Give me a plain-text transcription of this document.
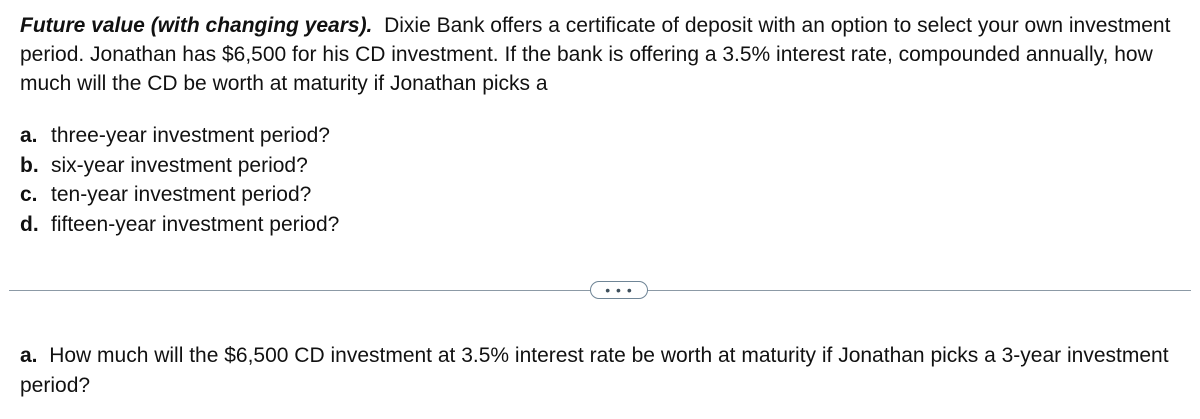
Future value (with changing years). Dixie Bank offers a certificate of deposit with an option to select your own investment period. Jonathan has $6,500 for his CD investment. If the bank is offering a 3.5% interest rate, compounded annually, how much will the CD be worth at maturity if Jonathan picks a
a. three-year investment period?
b. six-year investment period?
c. ten-year investment period?
d. fifteen-year investment period?
• • •
a. How much will the $6,500 CD investment at 3.5% interest rate be worth at maturity if Jonathan picks a 3-year investment period?
